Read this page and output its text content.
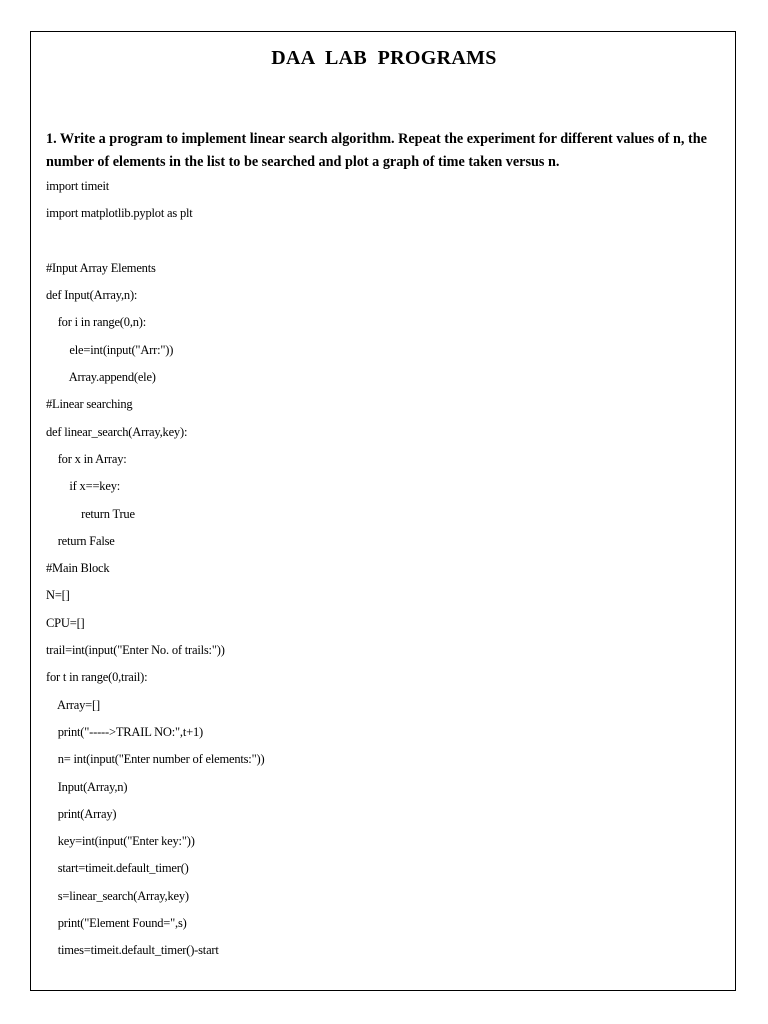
DAA  LAB  PROGRAMS
1. Write a program to implement linear search algorithm. Repeat the experiment for different values of n, the number of elements in the list to be searched and plot a graph of time taken versus n.
import timeit
import matplotlib.pyplot as plt
#Input Array Elements
def Input(Array,n):
for i in range(0,n):
ele=int(input("Arr:"))
Array.append(ele)
#Linear searching
def linear_search(Array,key):
for x in Array:
if x==key:
return True
return False
#Main Block
N=[]
CPU=[]
trail=int(input("Enter No. of trails:"))
for t in range(0,trail):
Array=[]
print("----->TRAIL NO:",t+1)
n= int(input("Enter number of elements:"))
Input(Array,n)
print(Array)
key=int(input("Enter key:"))
start=timeit.default_timer()
s=linear_search(Array,key)
print("Element Found=",s)
times=timeit.default_timer()-start
